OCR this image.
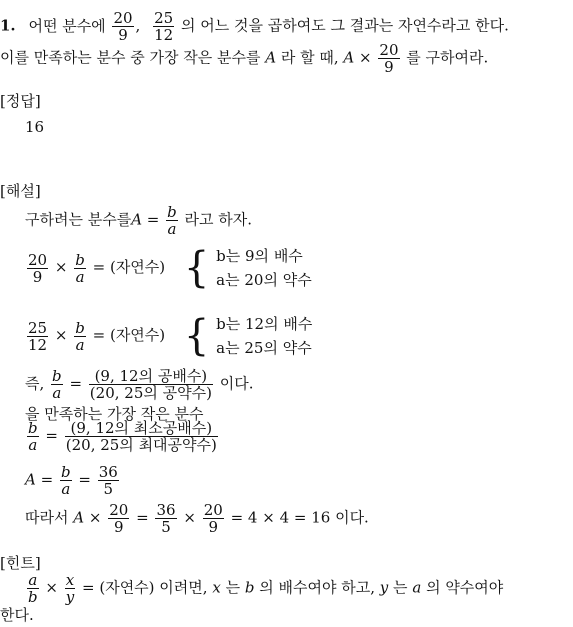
1. 어떤 분수에 $\frac{20}{9}$ , $\frac{25}{12}$ 의 어느 것을 곱하여도 그 결과는 자연수라고 한다.
이를 만족하는 분수 중 가장 작은 분수를 A 라 할 때, $A \times \frac{20}{9}$ 를 구하여라.
[정답]
16
[해설]
구하려는 분수를$A = \frac{b}{a}$ 라고 하자.
$\frac{20}{9} \times \frac{b}{a}$ = (자연수) { b는 9의 배수
a는 20의 약수
$\frac{25}{12} \times \frac{b}{a}$ = (자연수) { b는 12의 배수
a는 25의 약수
즉, $\frac{b}{a} = (9$, 12의 공배수)
(20, 25의 공약수)
이다.
을 만족하는 가장 작은 분수
$\frac{b}{a} = (9$, 12의 최소공배수)
(20, 25의 최대공약수)
$A = \frac{b}{a} = \frac{36}{5}$
따라서 $A \times \frac{20}{9} = \frac{36}{5} \times \frac{20}{9} = 4 \times 4 = 16$ 이다.
[힌트]
$\frac{a}{b} \times \frac{x}{y}$ = (자연수) 이려면, x 는 b 의 배수여야 하고, y 는 a 의 약수여야
한다.
